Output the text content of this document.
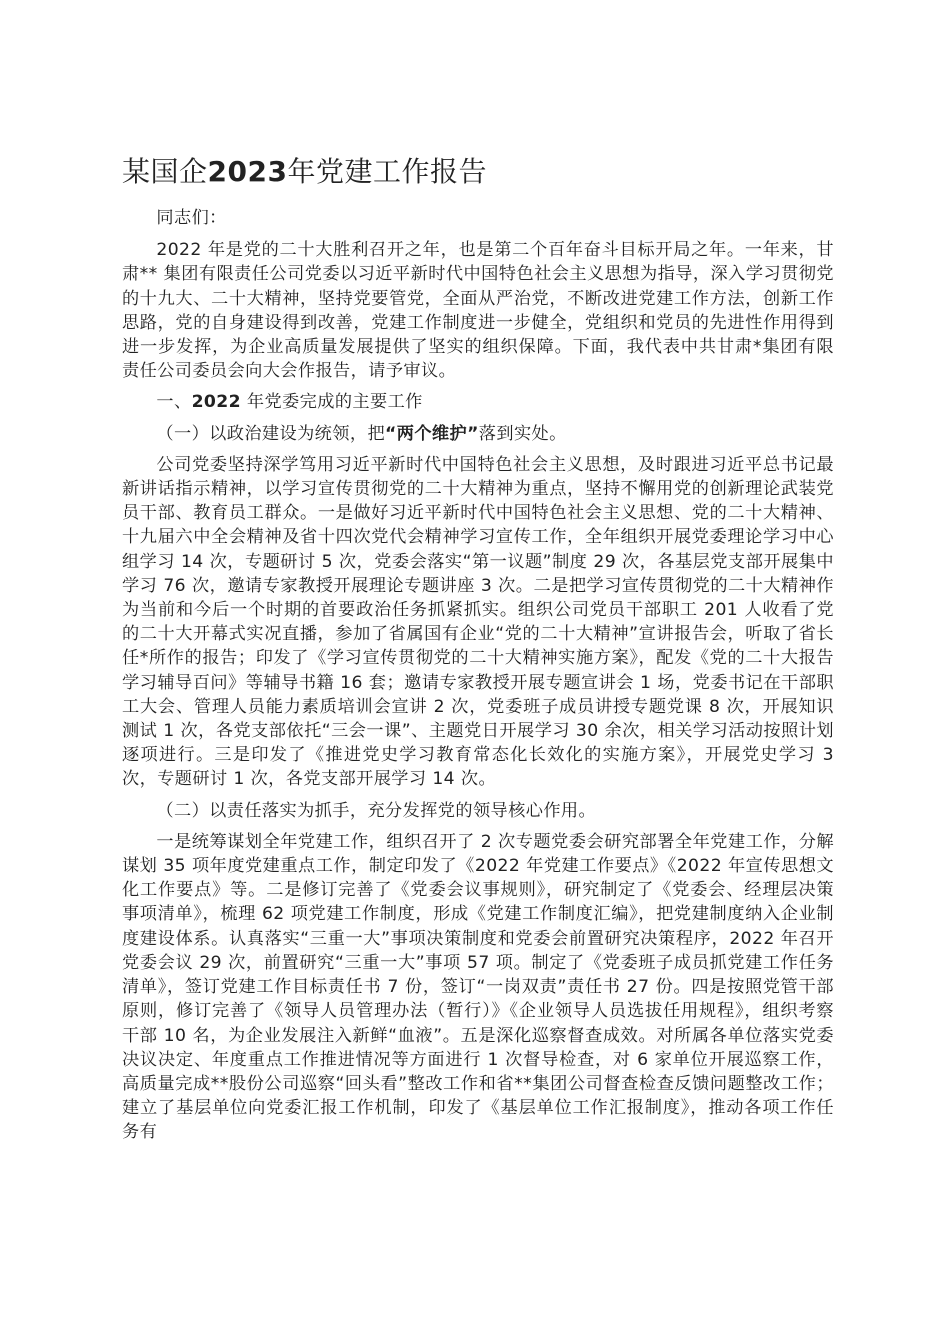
某国企2023年党建工作报告

同志们：

2022 年是党的二十大胜利召开之年，也是第二个百年奋斗目标开局之年。一年来，甘肃** 集团有限责任公司党委以习近平新时代中国特色社会主义思想为指导，深入学习贯彻党的十九大、二十大精神，坚持党要管党，全面从严治党，不断改进党建工作方法，创新工作思路，党的自身建设得到改善，党建工作制度进一步健全，党组织和党员的先进性作用得到进一步发挥，为企业高质量发展提供了坚实的组织保障。下面，我代表中共甘肃*集团有限责任公司委员会向大会作报告，请予审议。

一、2022 年党委完成的主要工作

（一）以政治建设为统领，把“两个维护”落到实处。

公司党委坚持深学笃用习近平新时代中国特色社会主义思想，及时跟进习近平总书记最新讲话指示精神，以学习宣传贯彻党的二十大精神为重点，坚持不懈用党的创新理论武装党员干部、教育员工群众。一是做好习近平新时代中国特色社会主义思想、党的二十大精神、十九届六中全会精神及省十四次党代会精神学习宣传工作，全年组织开展党委理论学习中心组学习 14 次，专题研讨 5 次，党委会落实“第一议题”制度 29 次，各基层党支部开展集中学习 76 次，邀请专家教授开展理论专题讲座 3 次。二是把学习宣传贯彻党的二十大精神作为当前和今后一个时期的首要政治任务抓紧抓实。组织公司党员干部职工 201 人收看了党的二十大开幕式实况直播，参加了省属国有企业“党的二十大精神”宣讲报告会，听取了省长任*所作的报告；印发了《学习宣传贯彻党的二十大精神实施方案》，配发《党的二十大报告学习辅导百问》等辅导书籍 16 套；邀请专家教授开展专题宣讲会 1 场，党委书记在干部职工大会、管理人员能力素质培训会宣讲 2 次，党委班子成员讲授专题党课 8 次，开展知识测试 1 次，各党支部依托“三会一课”、主题党日开展学习 30 余次，相关学习活动按照计划逐项进行。三是印发了《推进党史学习教育常态化长效化的实施方案》，开展党史学习 3 次，专题研讨 1 次，各党支部开展学习 14 次。

（二）以责任落实为抓手，充分发挥党的领导核心作用。

一是统筹谋划全年党建工作，组织召开了 2 次专题党委会研究部署全年党建工作，分解谋划 35 项年度党建重点工作，制定印发了《2022 年党建工作要点》《2022 年宣传思想文化工作要点》等。二是修订完善了《党委会议事规则》，研究制定了《党委会、经理层决策事项清单》，梳理 62 项党建工作制度，形成《党建工作制度汇编》，把党建制度纳入企业制度建设体系。认真落实“三重一大”事项决策制度和党委会前置研究决策程序，2022 年召开党委会议 29 次，前置研究“三重一大”事项 57 项。制定了《党委班子成员抓党建工作任务清单》，签订党建工作目标责任书 7 份，签订“一岗双责”责任书 27 份。四是按照党管干部原则，修订完善了《领导人员管理办法（暂行）》《企业领导人员选拔任用规程》，组织考察干部 10 名，为企业发展注入新鲜“血液”。五是深化巡察督查成效。对所属各单位落实党委决议决定、年度重点工作推进情况等方面进行 1 次督导检查，对 6 家单位开展巡察工作，高质量完成**股份公司巡察“回头看”整改工作和省**集团公司督查检查反馈问题整改工作；建立了基层单位向党委汇报工作机制，印发了《基层单位工作汇报制度》，推动各项工作任务有
